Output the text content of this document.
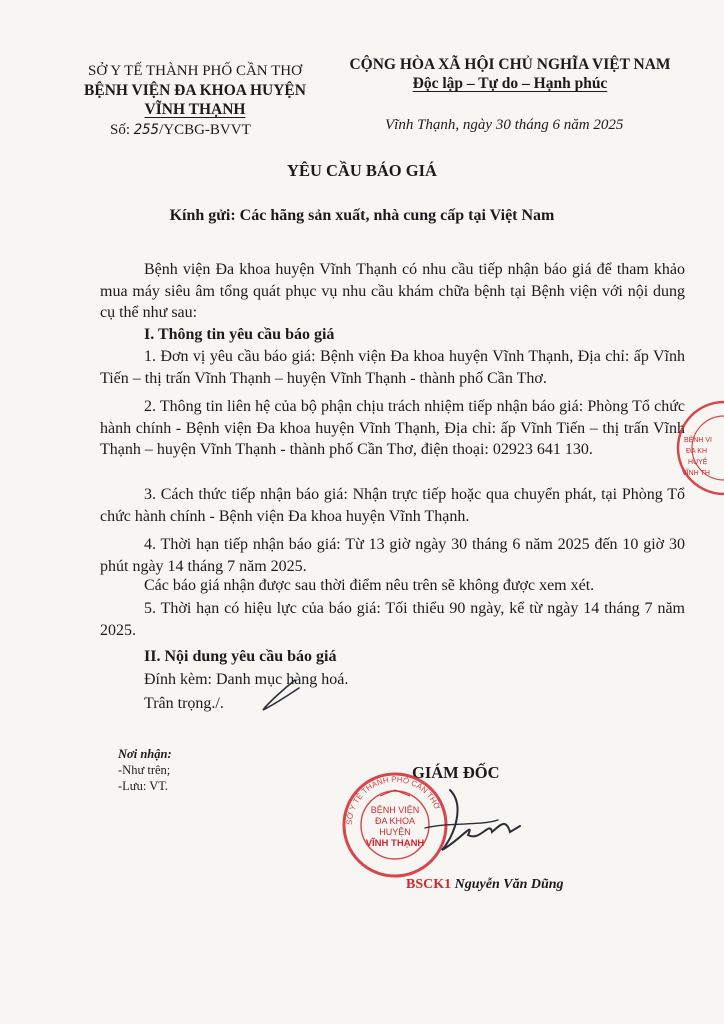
SỞ Y TẾ THÀNH PHỐ CẦN THƠ
BỆNH VIỆN ĐA KHOA HUYỆN
VĨNH THẠNH
Số: 255/YCBG-BVVT
CỘNG HÒA XÃ HỘI CHỦ NGHĨA VIỆT NAM
Độc lập – Tự do – Hạnh phúc
Vĩnh Thạnh, ngày 30 tháng 6 năm 2025
YÊU CẦU BÁO GIÁ
Kính gửi: Các hãng sản xuất, nhà cung cấp tại Việt Nam
Bệnh viện Đa khoa huyện Vĩnh Thạnh có nhu cầu tiếp nhận báo giá để tham khảo mua máy siêu âm tổng quát phục vụ nhu cầu khám chữa bệnh tại Bệnh viện với nội dung cụ thể như sau:
I. Thông tin yêu cầu báo giá
1. Đơn vị yêu cầu báo giá: Bệnh viện Đa khoa huyện Vĩnh Thạnh, Địa chỉ: ấp Vĩnh Tiến – thị trấn Vĩnh Thạnh – huyện Vĩnh Thạnh - thành phố Cần Thơ.
2. Thông tin liên hệ của bộ phận chịu trách nhiệm tiếp nhận báo giá: Phòng Tổ chức hành chính - Bệnh viện Đa khoa huyện Vĩnh Thạnh, Địa chỉ: ấp Vĩnh Tiến – thị trấn Vĩnh Thạnh – huyện Vĩnh Thạnh - thành phố Cần Thơ, điện thoại: 02923 641 130.
3. Cách thức tiếp nhận báo giá: Nhận trực tiếp hoặc qua chuyển phát, tại Phòng Tổ chức hành chính - Bệnh viện Đa khoa huyện Vĩnh Thạnh.
4. Thời hạn tiếp nhận báo giá: Từ 13 giờ ngày 30 tháng 6 năm 2025 đến 10 giờ 30 phút ngày 14 tháng 7 năm 2025.
Các báo giá nhận được sau thời điểm nêu trên sẽ không được xem xét.
5. Thời hạn có hiệu lực của báo giá: Tối thiểu 90 ngày, kể từ ngày 14 tháng 7 năm 2025.
II. Nội dung yêu cầu báo giá
Đính kèm: Danh mục hàng hoá.
Trân trọng./.
Nơi nhận:
-Như trên;
-Lưu: VT.
GIÁM ĐỐC
SỞ Y TẾ THÀNH PHỐ CẦN THƠ
BỆNH VIỆN
ĐA KHOA
HUYỆN
VĨNH THẠNH
BSCK1 Nguyễn Văn Dũng
BỆNH VI
ĐA KH
HUYỆ
VĨNH TH
